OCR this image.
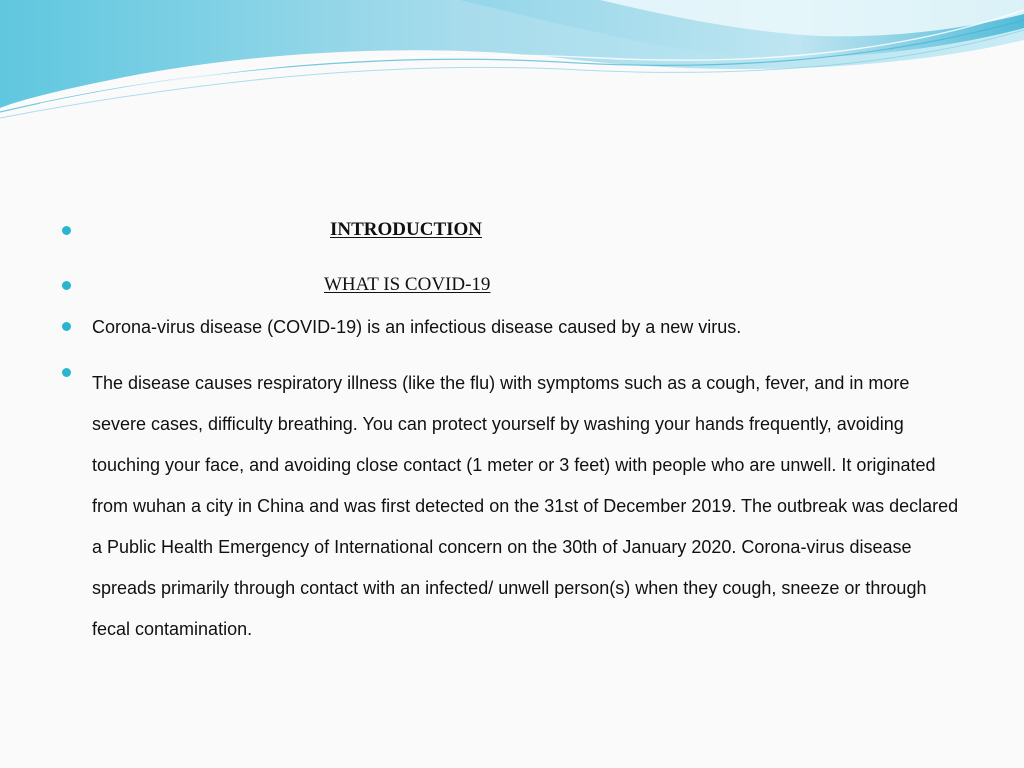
INTRODUCTION
WHAT IS COVID-19
Corona-virus disease (COVID-19) is an infectious disease caused by a new virus.
The disease causes respiratory illness (like the flu) with symptoms such as a cough, fever, and in more severe cases, difficulty breathing. You can protect yourself by washing your hands frequently, avoiding touching your face, and avoiding close contact (1 meter or 3 feet) with people who are unwell. It originated from wuhan a city in China and was first detected on the 31st of December 2019. The outbreak was declared a Public Health Emergency of International concern on the 30th of January 2020. Corona-virus disease spreads primarily through contact with an infected/ unwell person(s) when they cough, sneeze or through fecal contamination.
